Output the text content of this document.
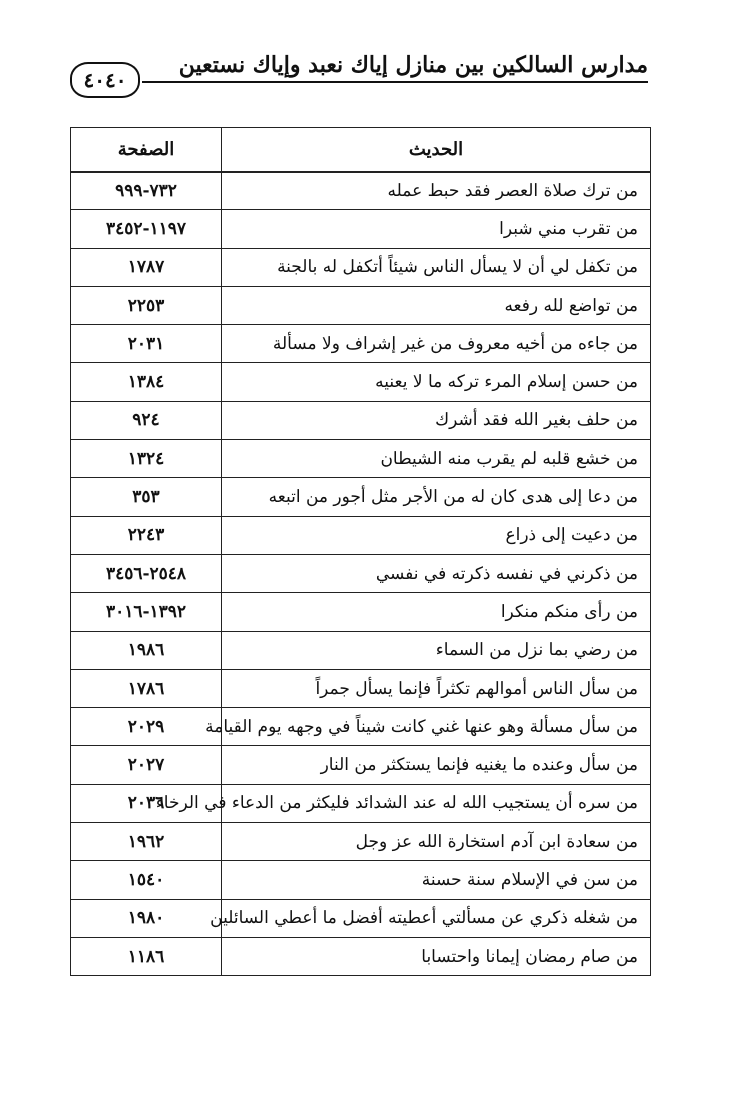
مدارس السالكين بين منازل إياك نعبد وإياك نستعين
٤٠٤٠
الحديث	الصفحة
من ترك صلاة العصر فقد حبط عمله	٧٣٢-٩٩٩
من تقرب مني شبرا	١١٩٧-٣٤٥٢
من تكفل لي أن لا يسأل الناس شيئاً أتكفل له بالجنة	١٧٨٧
من تواضع لله رفعه	٢٢٥٣
من جاءه من أخيه معروف من غير إشراف ولا مسألة	٢٠٣١
من حسن إسلام المرء تركه ما لا يعنيه	١٣٨٤
من حلف بغير الله فقد أشرك	٩٢٤
من خشع قلبه لم يقرب منه الشيطان	١٣٢٤
من دعا إلى هدى كان له من الأجر مثل أجور من اتبعه	٣٥٣
من دعيت إلى ذراع	٢٢٤٣
من ذكرني في نفسه ذكرته في نفسي	٢٥٤٨-٣٤٥٦
من رأى منكم منكرا	١٣٩٢-٣٠١٦
من رضي بما نزل من السماء	١٩٨٦
من سأل الناس أموالهم تكثراً فإنما يسأل جمراً	١٧٨٦
من سأل مسألة وهو عنها غني كانت شيناً في وجهه يوم القيامة	٢٠٢٩
من سأل وعنده ما يغنيه فإنما يستكثر من النار	٢٠٢٧
من سره أن يستجيب الله له عند الشدائد فليكثر من الدعاء في الرخاء	٢٠٣٦
من سعادة ابن آدم استخارة الله عز وجل	١٩٦٢
من سن في الإسلام سنة حسنة	١٥٤٠
من شغله ذكري عن مسألتي أعطيته أفضل ما أعطي السائلين	١٩٨٠
من صام رمضان إيمانا واحتسابا	١١٨٦
